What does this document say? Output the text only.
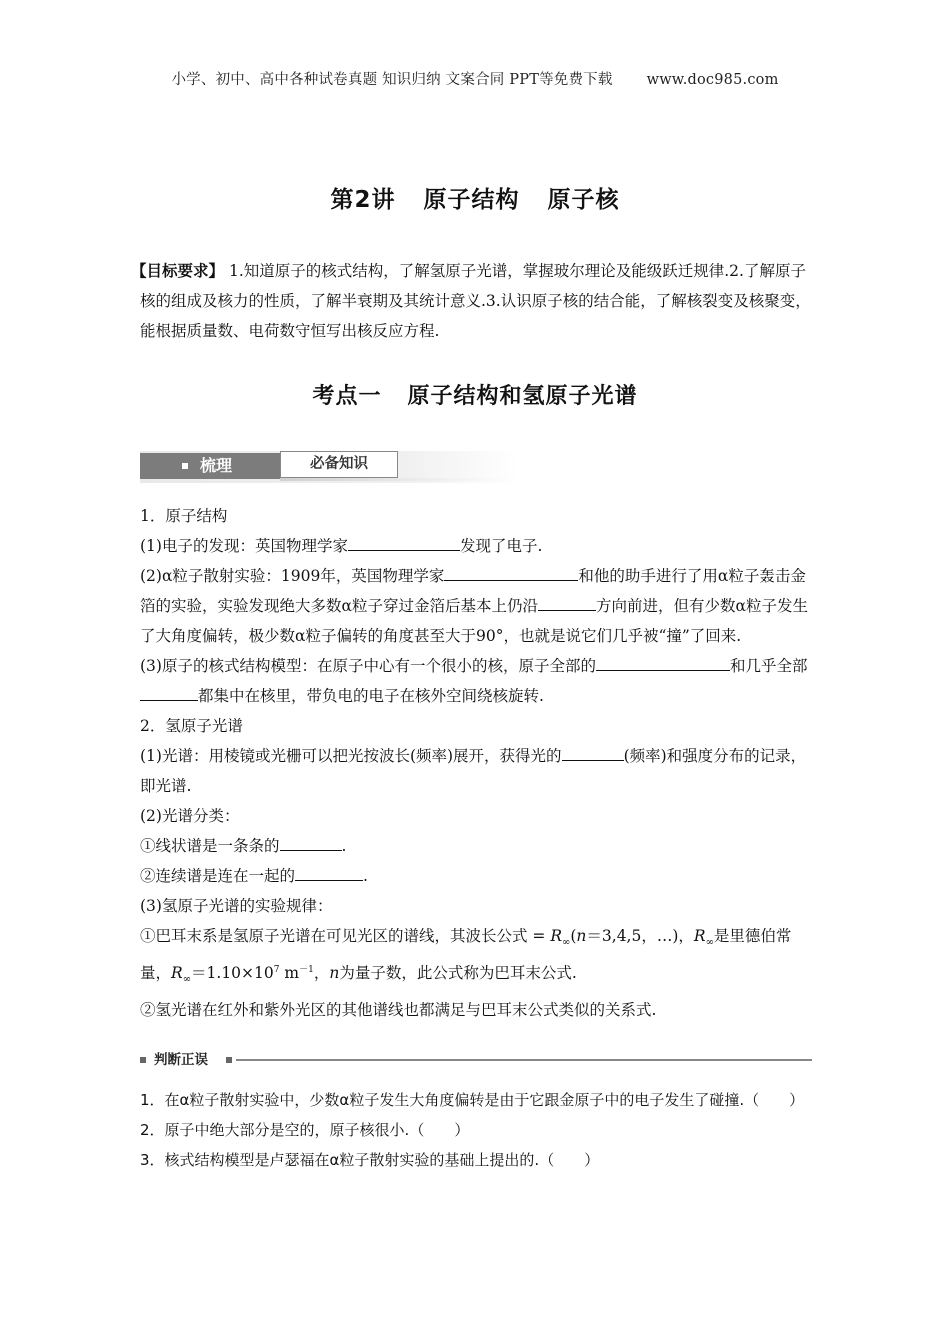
小学、初中、高中各种试卷真题 知识归纳 文案合同 PPT等免费下载 www.doc985.com
第2讲 原子结构 原子核
【目标要求】 1.知道原子的核式结构，了解氢原子光谱，掌握玻尔理论及能级跃迁规律.2.了解原子核的组成及核力的性质，了解半衰期及其统计意义.3.认识原子核的结合能，了解核裂变及核聚变，能根据质量数、电荷数守恒写出核反应方程.
考点一 原子结构和氢原子光谱
梳理	必备知识

1．原子结构

(1)电子的发现：英国物理学家	发现了电子.

(2)α粒子散射实验：1909年，英国物理学家	和他的助手进行了用α粒子轰击金箔的实验，实验发现绝大多数α粒子穿过金箔后基本上仍沿	方向前进，但有少数α粒子发生了大角度偏转，极少数α粒子偏转的角度甚至大于90°，也就是说它们几乎被“撞”了回来.

(3)原子的核式结构模型：在原子中心有一个很小的核，原子全部的	和几乎全部都集中在核里，带负电的电子在核外空间绕核旋转.

2．氢原子光谱

(1)光谱：用棱镜或光栅可以把光按波长(频率)展开，获得光的	(频率)和强度分布的记录，即光谱.

(2)光谱分类：

①线状谱是一条条的	.

②连续谱是连在一起的	.

(3)氢原子光谱的实验规律：

①巴耳末系是氢原子光谱在可见光区的谱线，其波长公式 = $R_\infty(n=3,4,5$，…)，$R_\infty$是里德伯常量，$R_\infty=1.10\times 10^7$ $m^{-1}$，n为量子数，此公式称为巴耳末公式.

②氢光谱在红外和紫外光区的其他谱线也都满足与巴耳末公式类似的关系式.

判断正误

1．在α粒子散射实验中，少数α粒子发生大角度偏转是由于它跟金原子中的电子发生了碰撞.（　　）

2．原子中绝大部分是空的，原子核很小.（　　）

3．核式结构模型是卢瑟福在α粒子散射实验的基础上提出的.（　　）
